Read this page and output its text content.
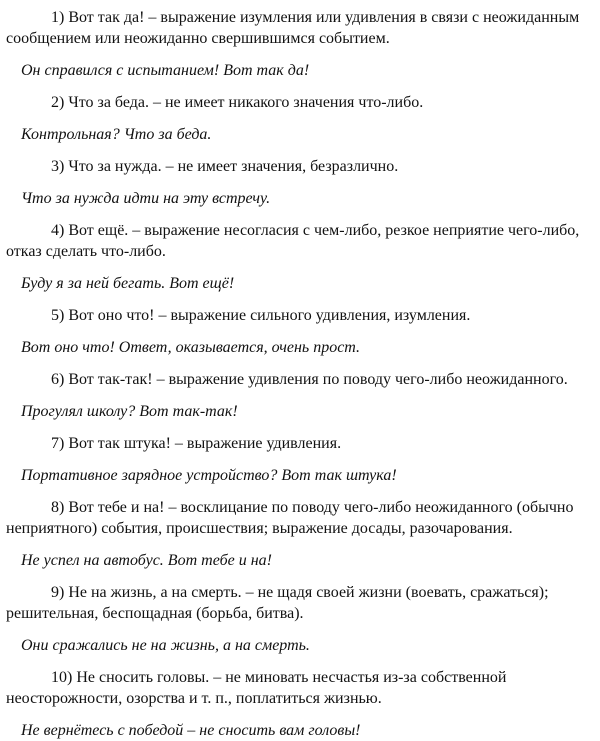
1) Вот так да! – выражение изумления или удивления в связи с неожиданным сообщением или неожиданно свершившимся событием.

Он справился с испытанием! Вот так да!

2) Что за беда. – не имеет никакого значения что-либо.

Контрольная? Что за беда.

3) Что за нужда. – не имеет значения, безразлично.

Что за нужда идти на эту встречу.

4) Вот ещё. – выражение несогласия с чем-либо, резкое неприятие чего-либо, отказ сделать что-либо.

Буду я за ней бегать. Вот ещё!

5) Вот оно что! – выражение сильного удивления, изумления.

Вот оно что! Ответ, оказывается, очень прост.

6) Вот так-так! – выражение удивления по поводу чего-либо неожиданного.

Прогулял школу? Вот так-так!

7) Вот так штука! – выражение удивления.

Портативное зарядное устройство? Вот так штука!

8) Вот тебе и на! – восклицание по поводу чего-либо неожиданного (обычно неприятного) события, происшествия; выражение досады, разочарования.

Не успел на автобус. Вот тебе и на!

9) Не на жизнь, а на смерть. – не щадя своей жизни (воевать, сражаться); решительная, беспощадная (борьба, битва).

Они сражались не на жизнь, а на смерть.

10) Не сносить головы. – не миновать несчастья из-за собственной неосторожности, озорства и т. п., поплатиться жизнью.

Не вернётесь с победой – не сносить вам головы!
